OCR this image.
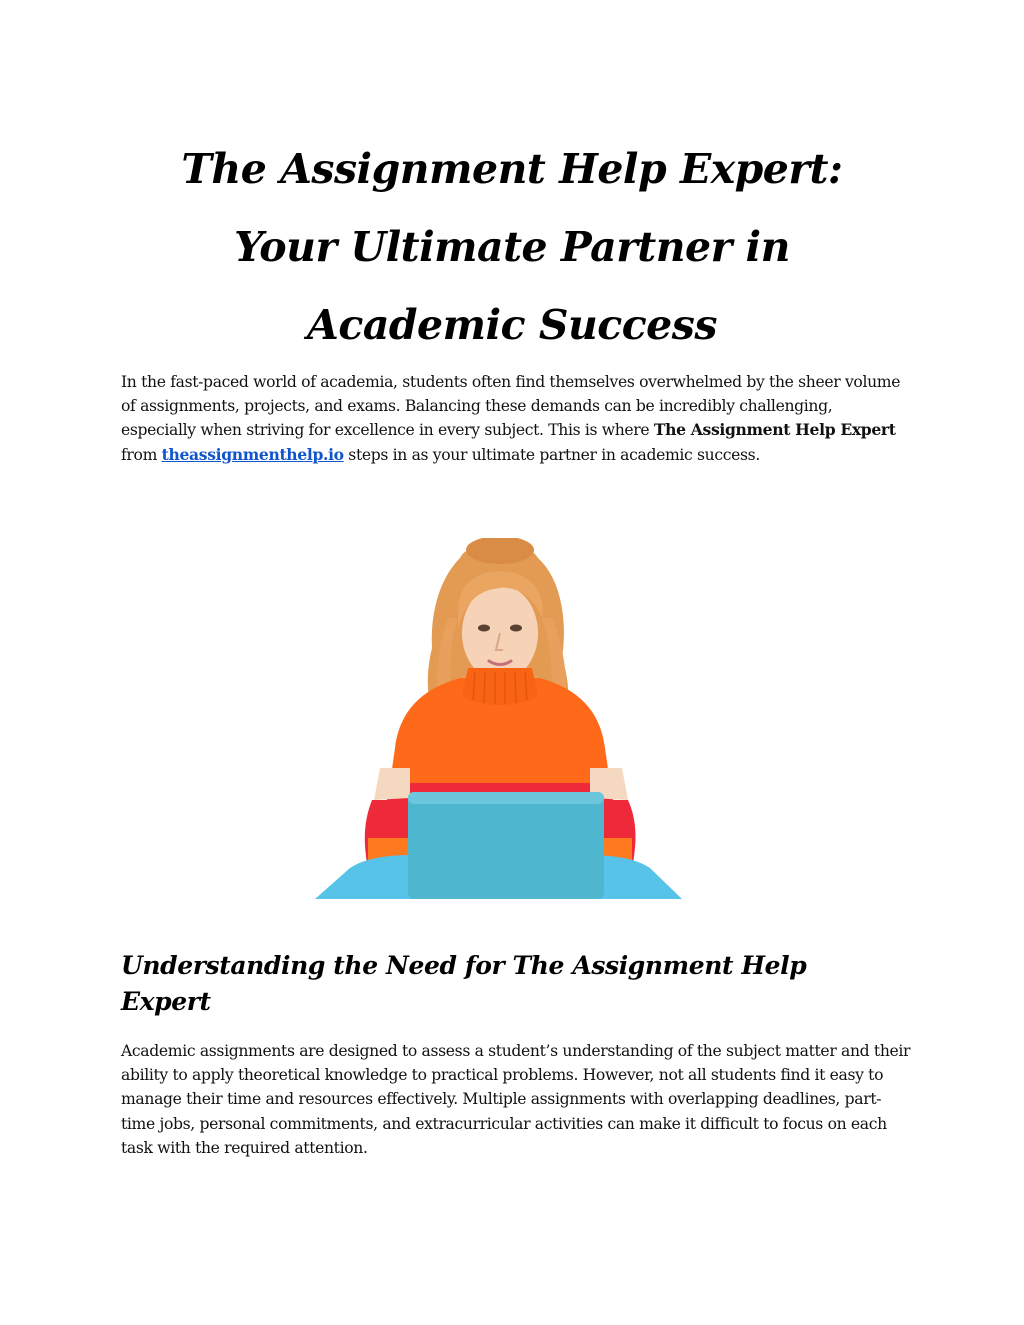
The Assignment Help Expert:
Your Ultimate Partner in
Academic Success

In the fast-paced world of academia, students often find themselves overwhelmed by the sheer volume of assignments, projects, and exams. Balancing these demands can be incredibly challenging, especially when striving for excellence in every subject. This is where The Assignment Help Expert from theassignmenthelp.io steps in as your ultimate partner in academic success.

Understanding the Need for The Assignment Help Expert

Academic assignments are designed to assess a student’s understanding of the subject matter and their ability to apply theoretical knowledge to practical problems. However, not all students find it easy to manage their time and resources effectively. Multiple assignments with overlapping deadlines, part-time jobs, personal commitments, and extracurricular activities can make it difficult to focus on each task with the required attention.
